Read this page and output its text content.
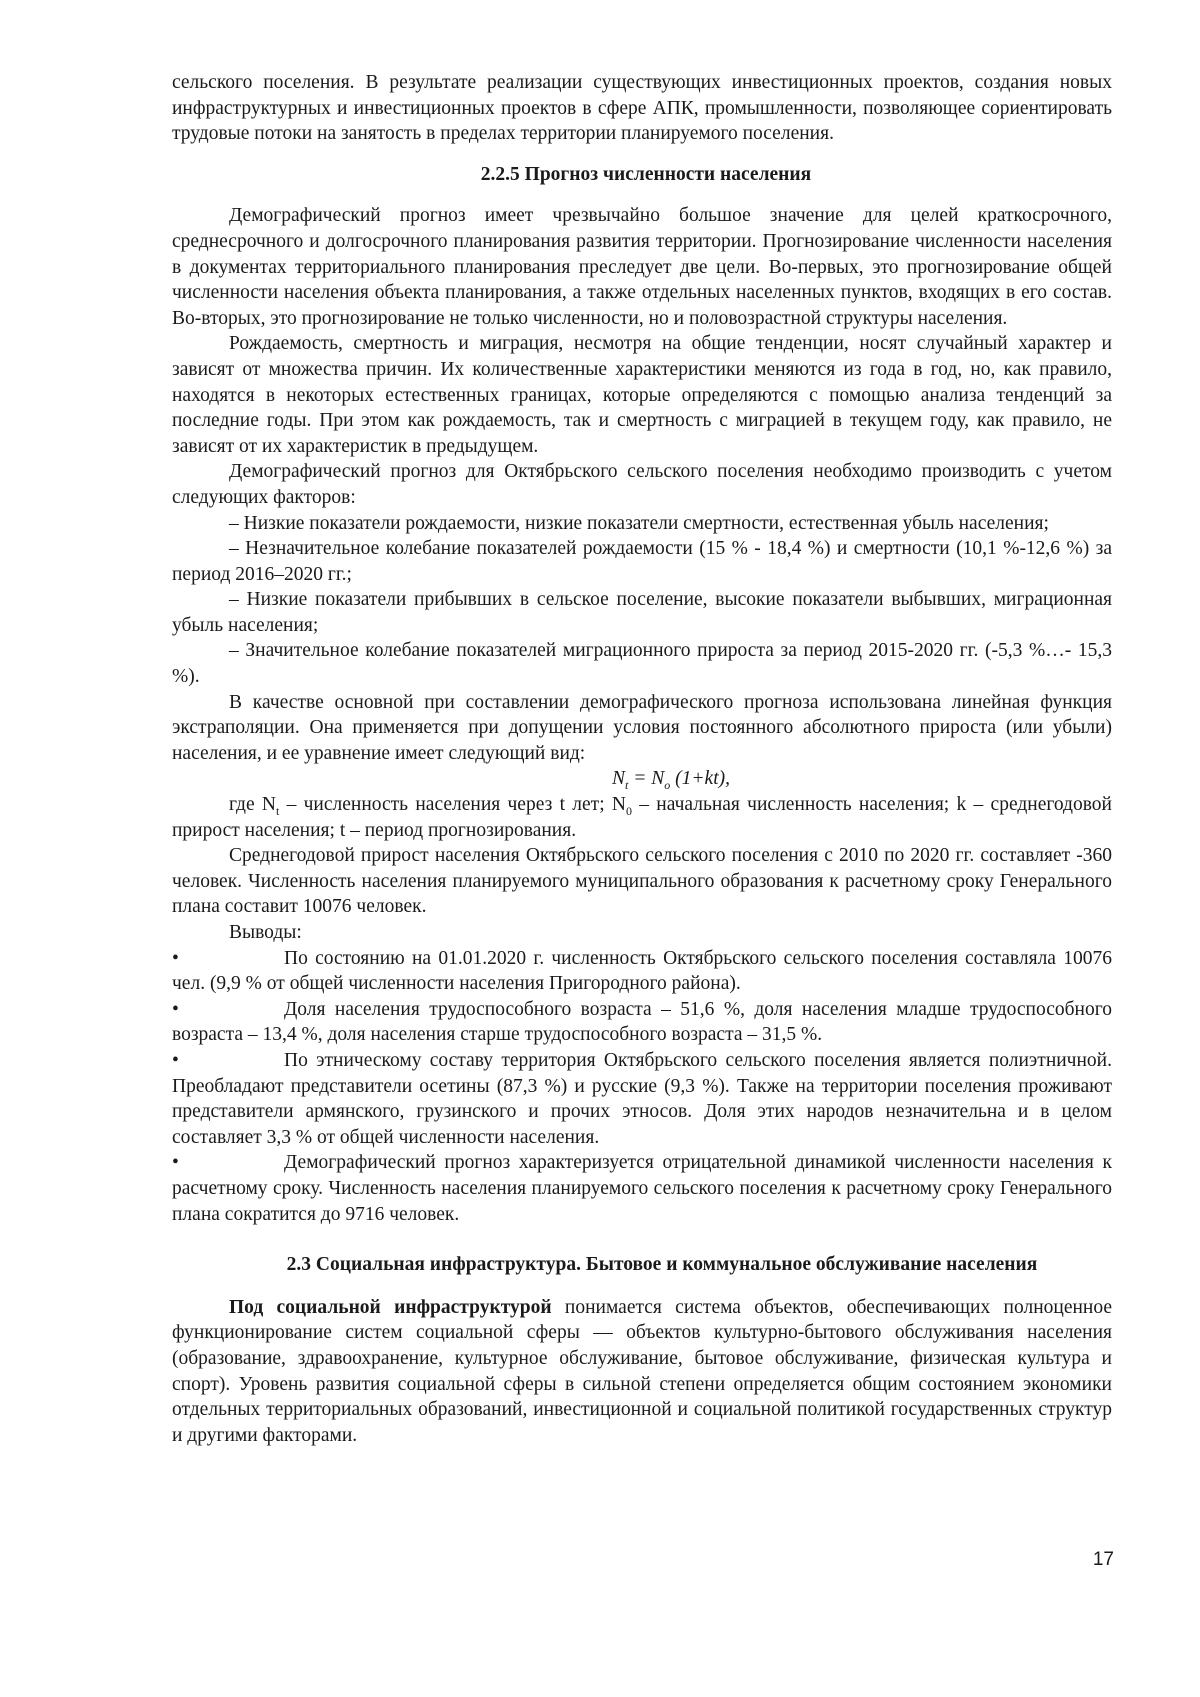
сельского поселения. В результате реализации существующих инвестиционных проектов, создания новых инфраструктурных и инвестиционных проектов в сфере АПК, промышленности, позволяющее сориентировать трудовые потоки на занятость в пределах территории планируемого поселения.

2.2.5 Прогноз численности населения

Демографический прогноз имеет чрезвычайно большое значение для целей краткосрочного, среднесрочного и долгосрочного планирования развития территории. Прогнозирование численности населения в документах территориального планирования преследует две цели. Во-первых, это прогнозирование общей численности населения объекта планирования, а также отдельных населенных пунктов, входящих в его состав. Во-вторых, это прогнозирование не только численности, но и половозрастной структуры населения.

Рождаемость, смертность и миграция, несмотря на общие тенденции, носят случайный характер и зависят от множества причин. Их количественные характеристики меняются из года в год, но, как правило, находятся в некоторых естественных границах, которые определяются с помощью анализа тенденций за последние годы. При этом как рождаемость, так и смертность с миграцией в текущем году, как правило, не зависят от их характеристик в предыдущем.

Демографический прогноз для Октябрьского сельского поселения необходимо производить с учетом следующих факторов:

– Низкие показатели рождаемости, низкие показатели смертности, естественная убыль населения;

– Незначительное колебание показателей рождаемости (15 % - 18,4 %) и смертности (10,1 %-12,6 %) за период 2016–2020 гг.;

– Низкие показатели прибывших в сельское поселение, высокие показатели выбывших, миграционная убыль населения;

– Значительное колебание показателей миграционного прироста за период 2015-2020 гг. (-5,3 %…- 15,3 %).

В качестве основной при составлении демографического прогноза использована линейная функция экстраполяции. Она применяется при допущении условия постоянного абсолютного прироста (или убыли) населения, и ее уравнение имеет следующий вид:

$N_t = N_o$ (1+kt),

где $N_t$ – численность населения через t лет; $N_0$ – начальная численность населения; k – среднегодовой прирост населения; t – период прогнозирования.

Среднегодовой прирост населения Октябрьского сельского поселения с 2010 по 2020 гг. составляет -360 человек. Численность населения планируемого муниципального образования к расчетному сроку Генерального плана составит 10076 человек.

Выводы:

•	По состоянию на 01.01.2020 г. численность Октябрьского сельского поселения составляла 10076 чел. (9,9 % от общей численности населения Пригородного района).

•	Доля населения трудоспособного возраста – 51,6 %, доля населения младше трудоспособного возраста – 13,4 %, доля населения старше трудоспособного возраста – 31,5 %.

•	По этническому составу территория Октябрьского сельского поселения является полиэтничной. Преобладают представители осетины (87,3 %) и русские (9,3 %). Также на территории поселения проживают представители армянского, грузинского и прочих этносов. Доля этих народов незначительна и в целом составляет 3,3 % от общей численности населения.

•	Демографический прогноз характеризуется отрицательной динамикой численности населения к расчетному сроку. Численность населения планируемого сельского поселения к расчетному сроку Генерального плана сократится до 9716 человек.

2.3 Социальная инфраструктура. Бытовое и коммунальное обслуживание населения

Под социальной инфраструктурой понимается система объектов, обеспечивающих полноценное функционирование систем социальной сферы — объектов культурно-бытового обслуживания населения (образование, здравоохранение, культурное обслуживание, бытовое обслуживание, физическая культура и спорт). Уровень развития социальной сферы в сильной степени определяется общим состоянием экономики отдельных территориальных образований, инвестиционной и социальной политикой государственных структур и другими факторами.

17
